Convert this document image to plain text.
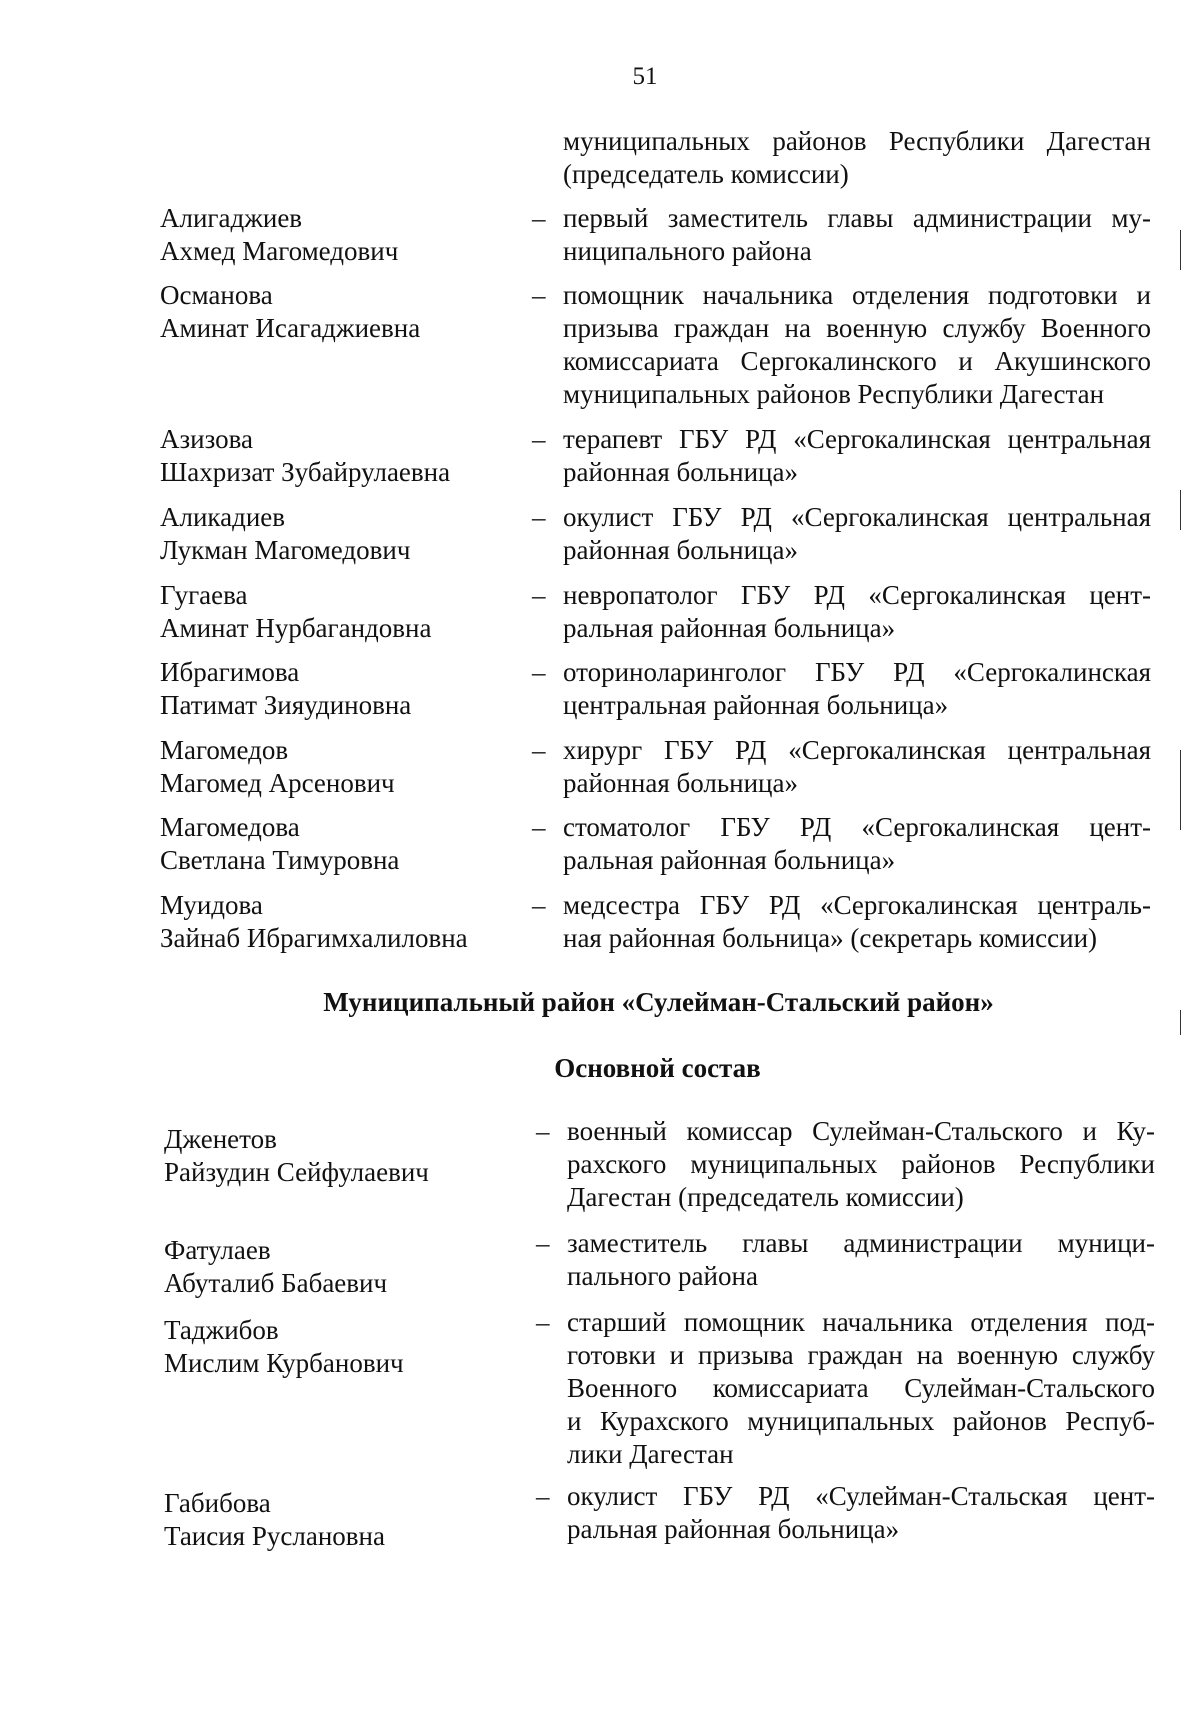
51
муниципальных районов Республики Дагестан
(председатель комиссии)
Алигаджиев
Ахмед Магомедович
– первый заместитель главы администрации му-
ниципального района
Османова
Аминат Исагаджиевна
– помощник начальника отделения подготовки и
призыва граждан на военную службу Военного
комиссариата Сергокалинского и Акушинского
муниципальных районов Республики Дагестан
Азизова
Шахризат Зубайрулаевна
– терапевт ГБУ РД «Сергокалинская центральная
районная больница»
Аликадиев
Лукман Магомедович
– окулист ГБУ РД «Сергокалинская центральная
районная больница»
Гугаева
Аминат Нурбагандовна
– невропатолог ГБУ РД «Сергокалинская цент-
ральная районная больница»
Ибрагимова
Патимат Зияудиновна
– оториноларинголог ГБУ РД «Сергокалинская
центральная районная больница»
Магомедов
Магомед Арсенович
– хирург ГБУ РД «Сергокалинская центральная
районная больница»
Магомедова
Светлана Тимуровна
– стоматолог ГБУ РД «Сергокалинская цент-
ральная районная больница»
Муидова
Зайнаб Ибрагимхалиловна
– медсестра ГБУ РД «Сергокалинская централь-
ная районная больница» (секретарь комиссии)
Муниципальный район «Сулейман-Стальский район»
Основной состав
Дженетов
Райзудин Сейфулаевич
– военный комиссар Сулейман-Стальского и Ку-
рахского муниципальных районов Республики
Дагестан (председатель комиссии)
Фатулаев
Абуталиб Бабаевич
– заместитель главы администрации муници-
пального района
Таджибов
Мислим Курбанович
– старший помощник начальника отделения под-
готовки и призыва граждан на военную службу
Военного комиссариата Сулейман-Стальского
и Курахского муниципальных районов Респуб-
лики Дагестан
Габибова
Таисия Руслановна
– окулист ГБУ РД «Сулейман-Стальская цент-
ральная районная больница»
